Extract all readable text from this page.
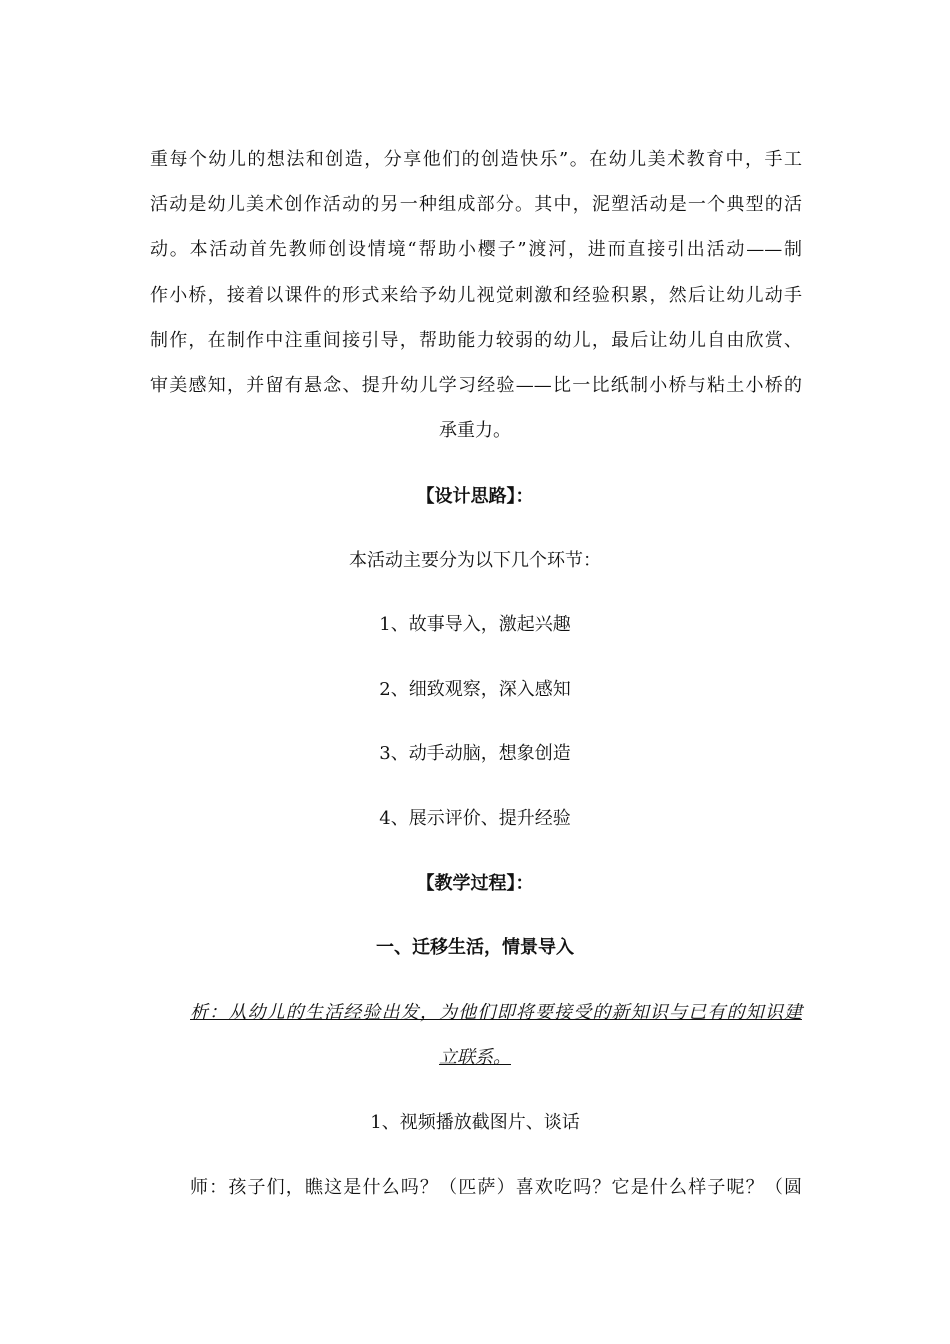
重每个幼儿的想法和创造，分享他们的创造快乐”。在幼儿美术教育中，手工
活动是幼儿美术创作活动的另一种组成部分。其中，泥塑活动是一个典型的活
动。本活动首先教师创设情境“帮助小樱子”渡河，进而直接引出活动——制
作小桥，接着以课件的形式来给予幼儿视觉刺激和经验积累，然后让幼儿动手
制作，在制作中注重间接引导，帮助能力较弱的幼儿，最后让幼儿自由欣赏、
审美感知，并留有悬念、提升幼儿学习经验——比一比纸制小桥与粘土小桥的
承重力。
【设计思路】：
本活动主要分为以下几个环节：
1、故事导入，激起兴趣
2、细致观察，深入感知
3、动手动脑，想象创造
4、展示评价、提升经验
【教学过程】：
一、迁移生活，情景导入
析：从幼儿的生活经验出发，为他们即将要接受的新知识与已有的知识建
立联系。
1、视频播放截图片、谈话
师：孩子们，瞧这是什么吗？（匹萨）喜欢吃吗？它是什么样子呢？（圆
